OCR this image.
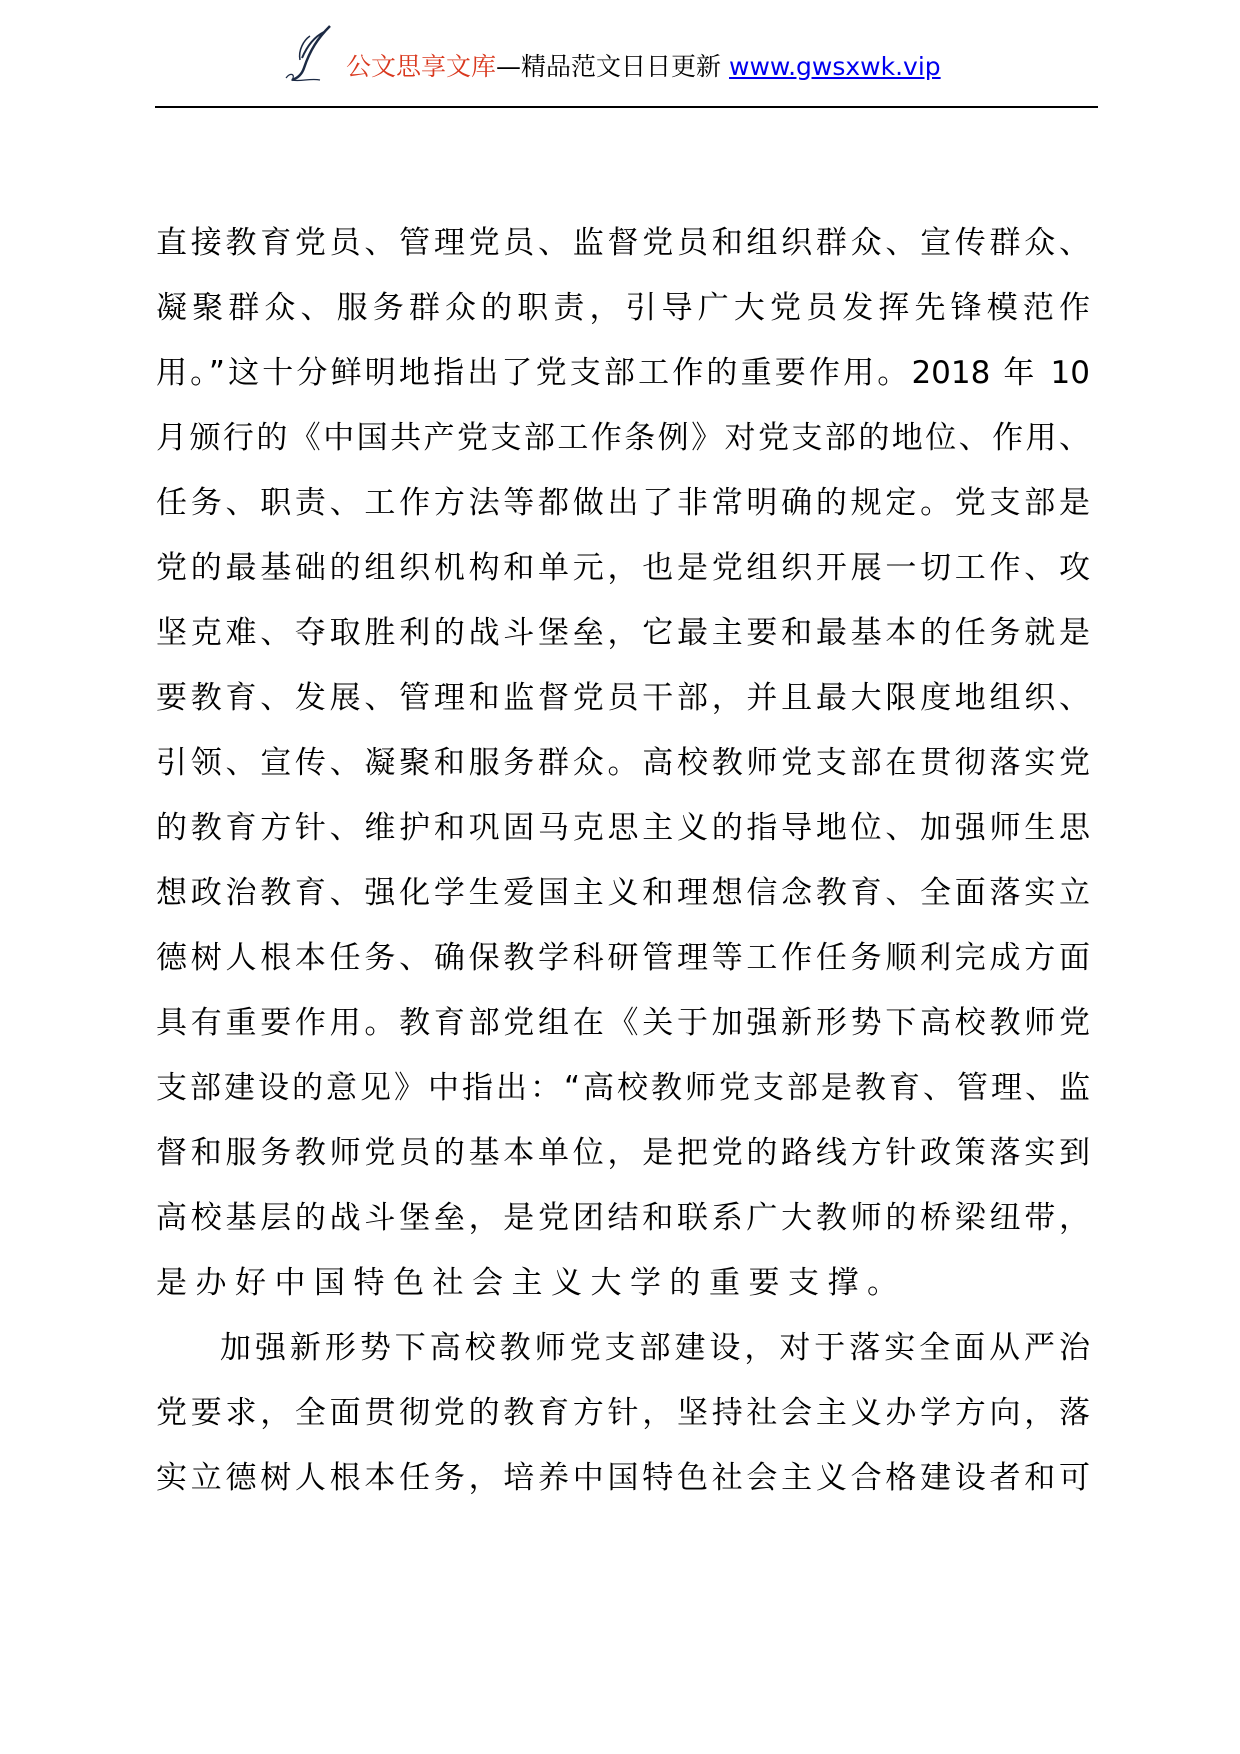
公文思享文库—精品范文日日更新 www.gwsxwk.vip
直接教育党员、管理党员、监督党员和组织群众、宣传群众、
凝聚群众、服务群众的职责，引导广大党员发挥先锋模范作
用。”这十分鲜明地指出了党支部工作的重要作用。2018 年 10
月颁行的《中国共产党支部工作条例》对党支部的地位、作用、
任务、职责、工作方法等都做出了非常明确的规定。党支部是
党的最基础的组织机构和单元，也是党组织开展一切工作、攻
坚克难、夺取胜利的战斗堡垒，它最主要和最基本的任务就是
要教育、发展、管理和监督党员干部，并且最大限度地组织、
引领、宣传、凝聚和服务群众。高校教师党支部在贯彻落实党
的教育方针、维护和巩固马克思主义的指导地位、加强师生思
想政治教育、强化学生爱国主义和理想信念教育、全面落实立
德树人根本任务、确保教学科研管理等工作任务顺利完成方面
具有重要作用。教育部党组在《关于加强新形势下高校教师党
支部建设的意见》中指出：“高校教师党支部是教育、管理、监
督和服务教师党员的基本单位，是把党的路线方针政策落实到
高校基层的战斗堡垒，是党团结和联系广大教师的桥梁纽带，
是办好中国特色社会主义大学的重要支撑。
加强新形势下高校教师党支部建设，对于落实全面从严治
党要求，全面贯彻党的教育方针，坚持社会主义办学方向，落
实立德树人根本任务，培养中国特色社会主义合格建设者和可
